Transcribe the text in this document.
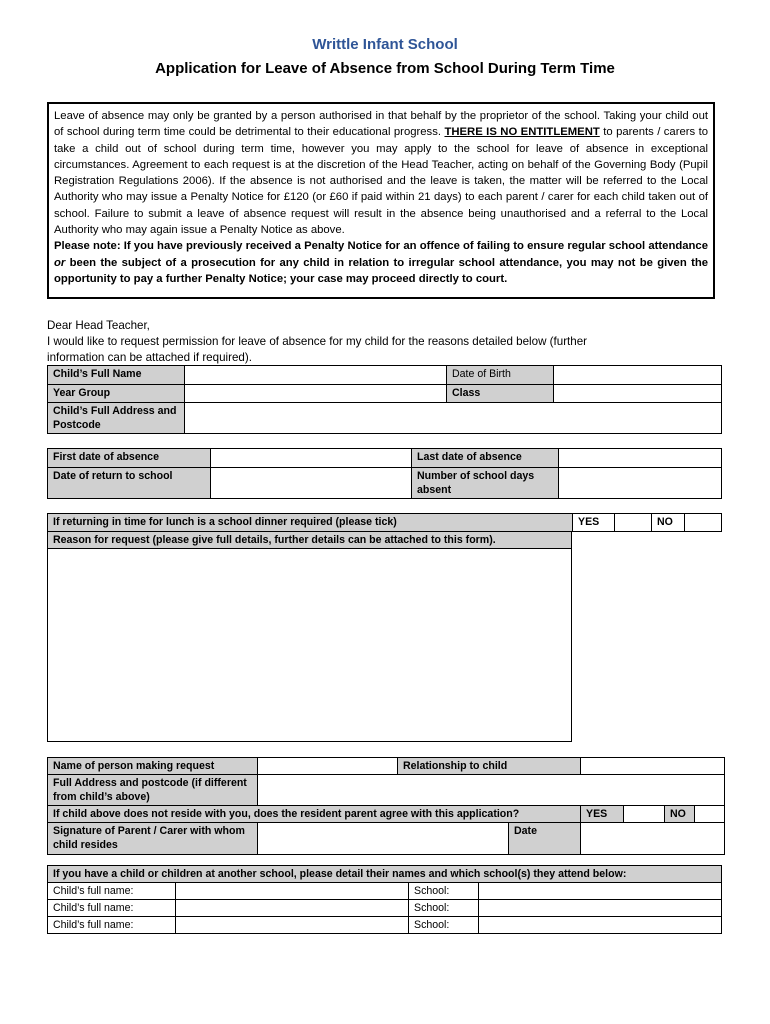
Writtle Infant School
Application for Leave of Absence from School During Term Time

Leave of absence may only be granted by a person authorised in that behalf by the proprietor of the school. Taking your child out of school during term time could be detrimental to their educational progress. THERE IS NO ENTITLEMENT to parents / carers to take a child out of school during term time, however you may apply to the school for leave of absence in exceptional circumstances. Agreement to each request is at the discretion of the Head Teacher, acting on behalf of the Governing Body (Pupil Registration Regulations 2006). If the absence is not authorised and the leave is taken, the matter will be referred to the Local Authority who may issue a Penalty Notice for £120 (or £60 if paid within 21 days) to each parent / carer for each child taken out of school. Failure to submit a leave of absence request will result in the absence being unauthorised and a referral to the Local Authority who may again issue a Penalty Notice as above.

Please note: If you have previously received a Penalty Notice for an offence of failing to ensure regular school attendance or been the subject of a prosecution for any child in relation to irregular school attendance, you may not be given the opportunity to pay a further Penalty Notice; your case may proceed directly to court.

Dear Head Teacher,
I would like to request permission for leave of absence for my child for the reasons detailed below (further
information can be attached if required).
Child’s Full Name		Date of Birth	
Year Group		Class	
Child’s Full Address and Postcode			
First date of absence		Last date of absence	
Date of return to school		Number of school days absent	
If returning in time for lunch is a school dinner required (please tick)	YES		NO	
Reason for request (please give full details, further details can be attached to this form).

Name of person making request		Relationship to child					
Full Address and postcode (if different from child’s above)							
If child above does not reside with you, does the resident parent agree with this application?				YES		NO	
Signature of Parent / Carer with whom child resides			Date				
If you have a child or children at another school, please detail their names and which school(s) they attend below:			
Child’s full name:		School:	
Child’s full name:		School:	
Child’s full name:		School:	
